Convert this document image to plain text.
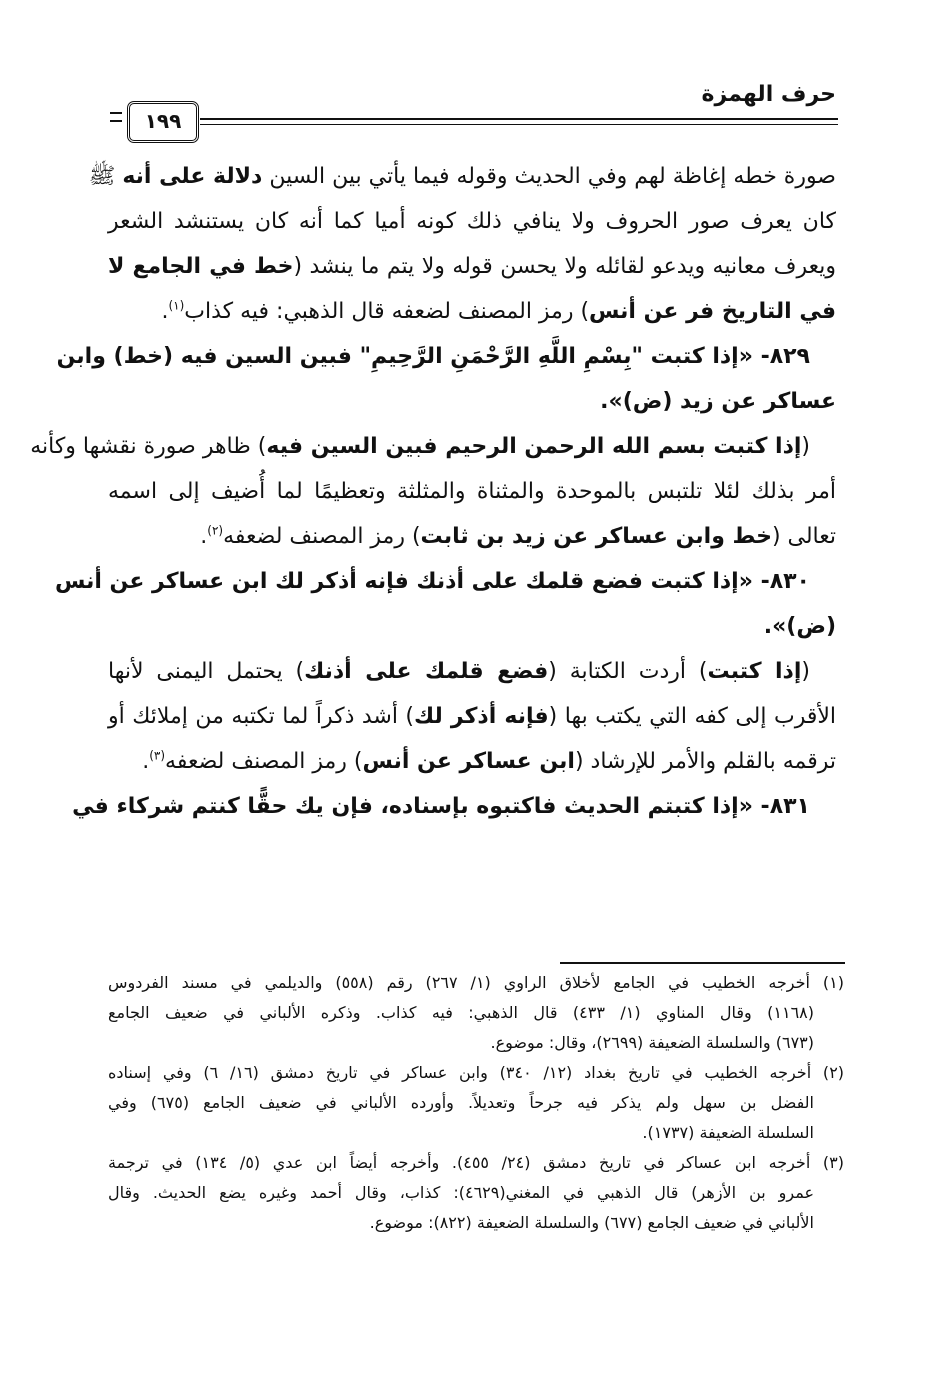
حرف الهمزة
١٩٩
صورة خطه إغاظة لهم وفي الحديث وقوله فيما يأتي بين السين دلالة على أنه ﷺ
كان يعرف صور الحروف ولا ينافي ذلك كونه أميا كما أنه كان يستنشد الشعر
ويعرف معانيه ويدعو لقائله ولا يحسن قوله ولا يتم ما ينشد (خط في الجامع لا
في التاريخ فر عن أنس) رمز المصنف لضعفه قال الذهبي: فيه كذاب$^{(١)}$.
٨٢٩- «إذا كتبت "بِسْمِ اللَّهِ الرَّحْمَنِ الرَّحِيمِ" فبين السين فيه (خط) وابن
عساكر عن زيد (ض)».
(إذا كتبت بسم الله الرحمن الرحيم فبين السين فيه) ظاهر صورة نقشها وكأنه
أمر بذلك لئلا تلتبس بالموحدة والمثناة والمثلثة وتعظيمًا لما أُضيف إلى اسمه
تعالى (خط وابن عساكر عن زيد بن ثابت) رمز المصنف لضعفه$^{(٢)}$.
٨٣٠- «إذا كتبت فضع قلمك على أذنك فإنه أذكر لك ابن عساكر عن أنس
(ض)».
(إذا كتبت) أردت الكتابة (فضع قلمك على أذنك) يحتمل اليمنى لأنها
الأقرب إلى كفه التي يكتب بها (فإنه أذكر لك) أشد ذكراً لما تكتبه من إملائك أو
ترقمه بالقلم والأمر للإرشاد (ابن عساكر عن أنس) رمز المصنف لضعفه$^{(٣)}$.
٨٣١- «إذا كتبتم الحديث فاكتبوه بإسناده، فإن يك حقًّا كنتم شركاء في
(١) أخرجه الخطيب في الجامع لأخلاق الراوي (١/ ٢٦٧) رقم (٥٥٨) والديلمي في مسند الفردوس
(١١٦٨) وقال المناوي (١/ ٤٣٣) قال الذهبي: فيه كذاب. وذكره الألباني في ضعيف الجامع
(٦٧٣) والسلسلة الضعيفة (٢٦٩٩)، وقال: موضوع.
(٢) أخرجه الخطيب في تاريخ بغداد (١٢/ ٣٤٠) وابن عساكر في تاريخ دمشق (١٦/ ٦) وفي إسناده
الفضل بن سهل ولم يذكر فيه جرحاً وتعديلاً. وأورده الألباني في ضعيف الجامع (٦٧٥) وفي
السلسلة الضعيفة (١٧٣٧).
(٣) أخرجه ابن عساكر في تاريخ دمشق (٢٤/ ٤٥٥). وأخرجه أيضاً ابن عدي (٥/ ١٣٤) في ترجمة
عمرو بن الأزهر) قال الذهبي في المغني(٤٦٢٩): كذاب، وقال أحمد وغيره يضع الحديث. وقال
الألباني في ضعيف الجامع (٦٧٧) والسلسلة الضعيفة (٨٢٢): موضوع.
